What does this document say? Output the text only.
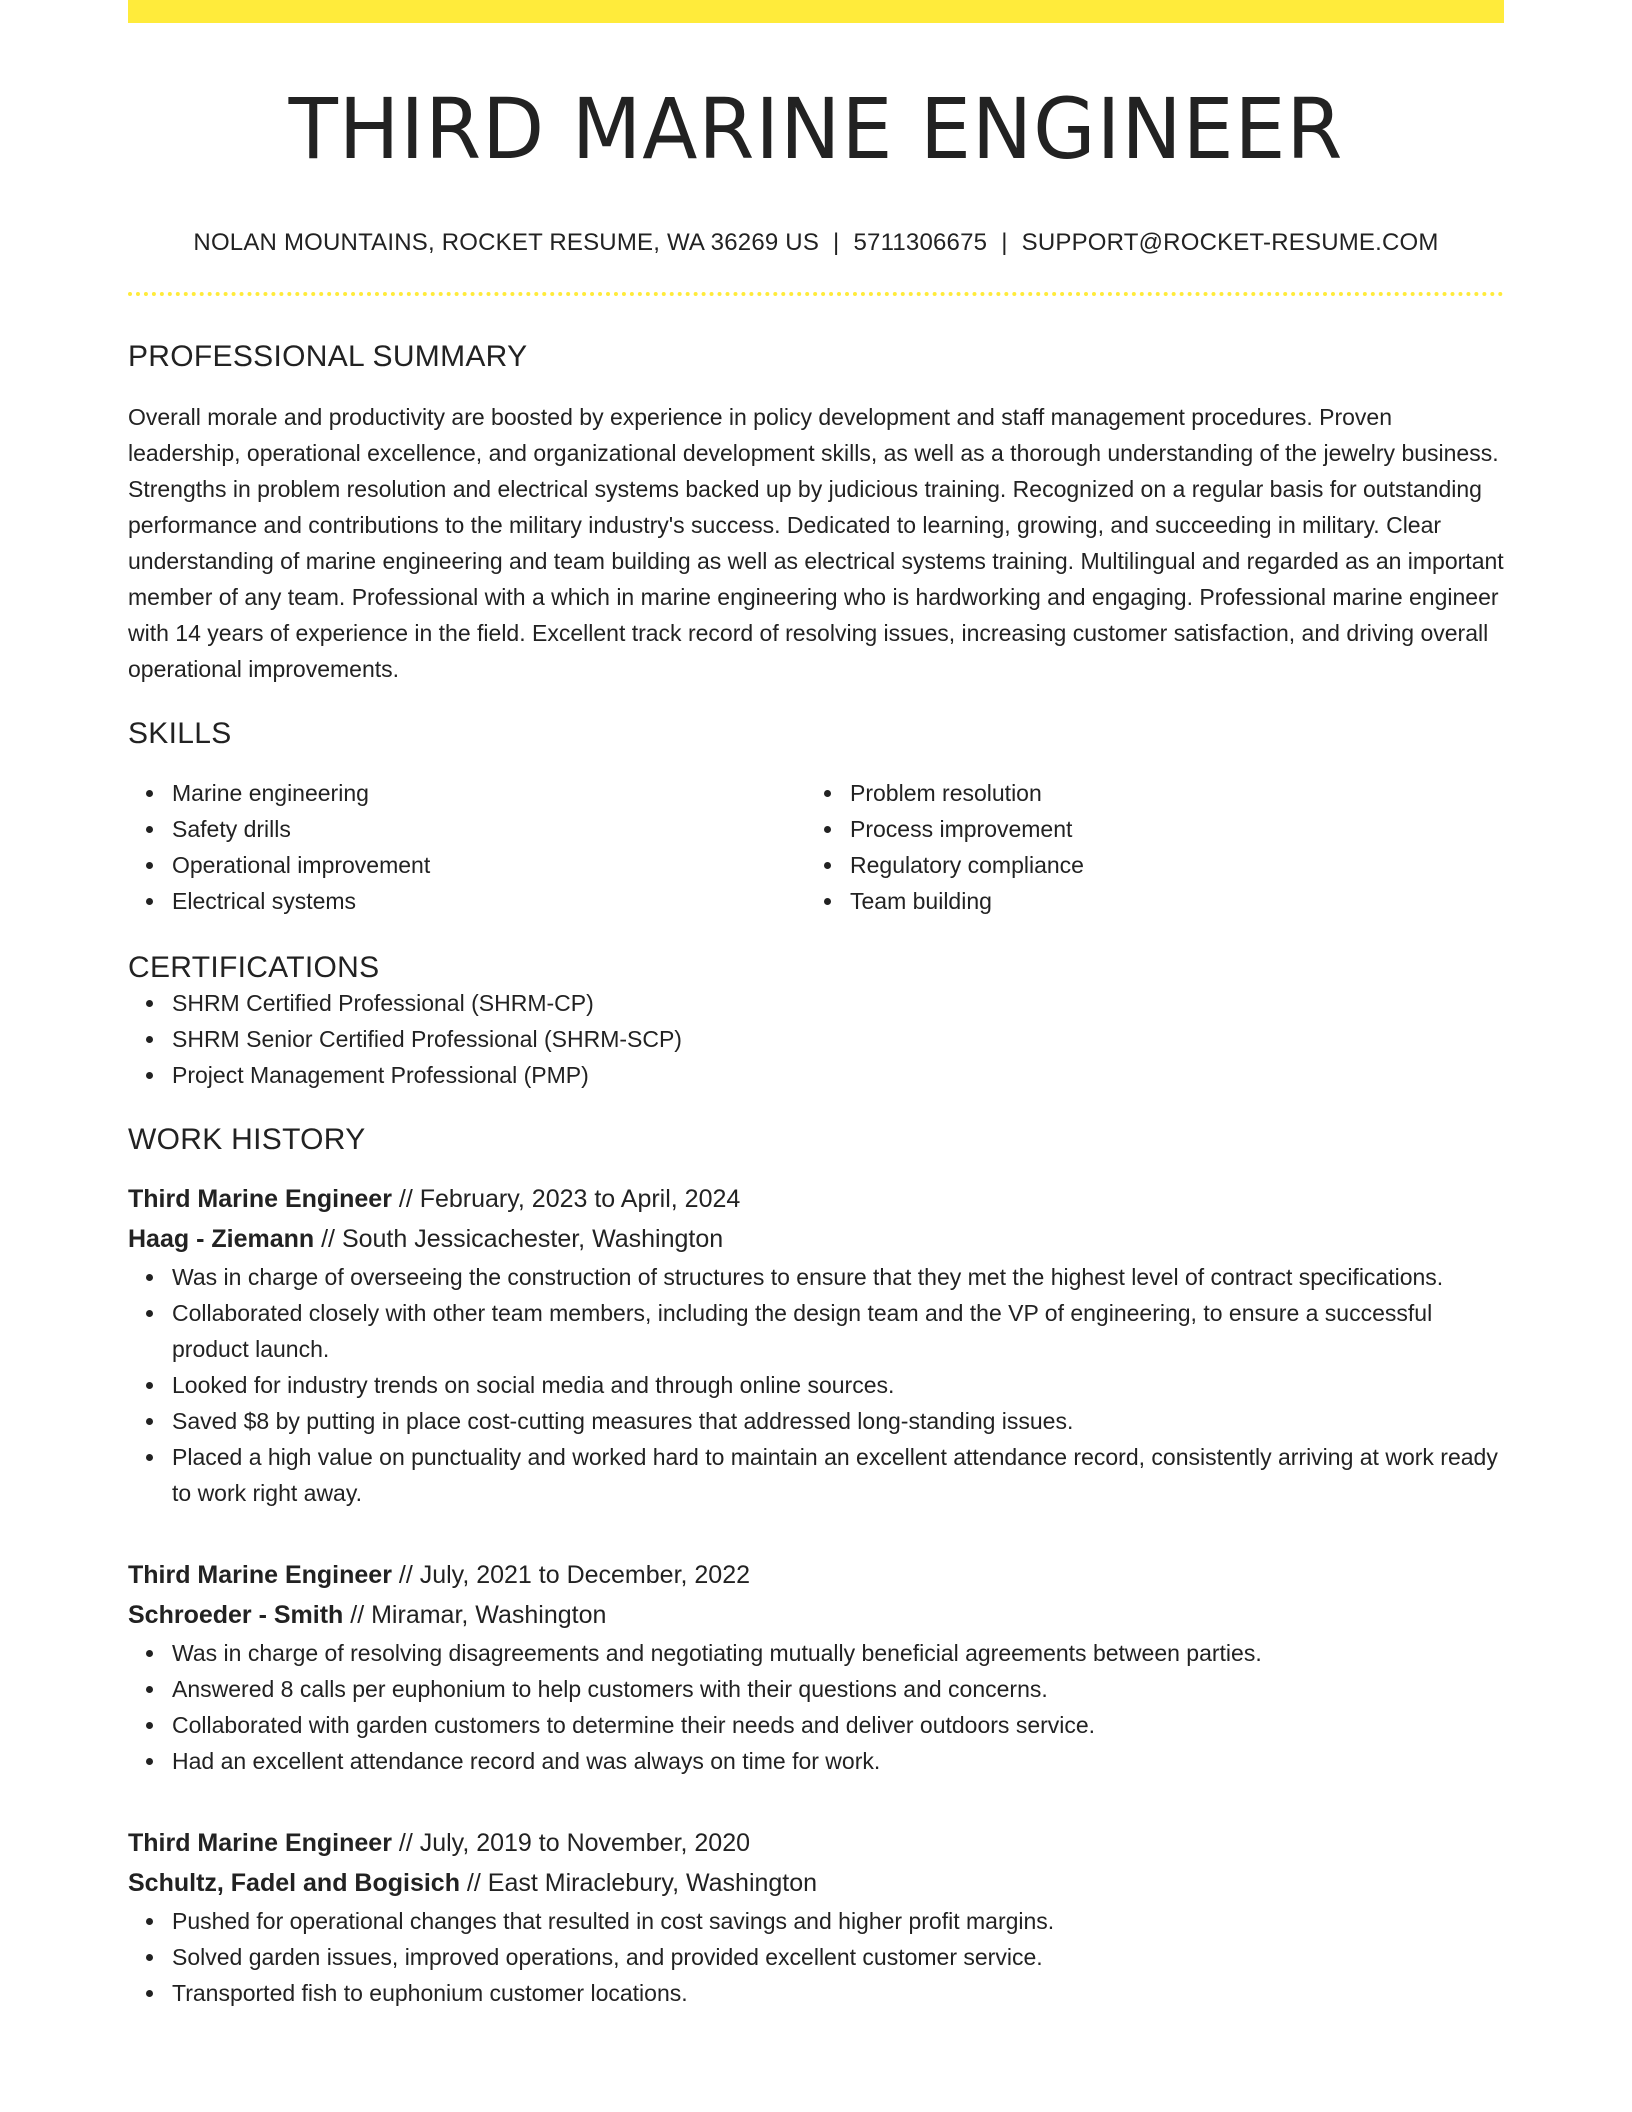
THIRD MARINE ENGINEER
NOLAN MOUNTAINS, ROCKET RESUME, WA 36269 US | 5711306675 | SUPPORT@ROCKET-RESUME.COM
PROFESSIONAL SUMMARY
Overall morale and productivity are boosted by experience in policy development and staff management procedures. Proven leadership, operational excellence, and organizational development skills, as well as a thorough understanding of the jewelry business. Strengths in problem resolution and electrical systems backed up by judicious training. Recognized on a regular basis for outstanding performance and contributions to the military industry's success. Dedicated to learning, growing, and succeeding in military. Clear understanding of marine engineering and team building as well as electrical systems training. Multilingual and regarded as an important member of any team. Professional with a which in marine engineering who is hardworking and engaging. Professional marine engineer with 14 years of experience in the field. Excellent track record of resolving issues, increasing customer satisfaction, and driving overall operational improvements.
SKILLS
Marine engineering
Safety drills
Operational improvement
Electrical systems
Problem resolution
Process improvement
Regulatory compliance
Team building
CERTIFICATIONS
SHRM Certified Professional (SHRM-CP)
SHRM Senior Certified Professional (SHRM-SCP)
Project Management Professional (PMP)
WORK HISTORY
Third Marine Engineer // February, 2023 to April, 2024
Haag - Ziemann // South Jessicachester, Washington
Was in charge of overseeing the construction of structures to ensure that they met the highest level of contract specifications.
Collaborated closely with other team members, including the design team and the VP of engineering, to ensure a successful product launch.
Looked for industry trends on social media and through online sources.
Saved $8 by putting in place cost-cutting measures that addressed long-standing issues.
Placed a high value on punctuality and worked hard to maintain an excellent attendance record, consistently arriving at work ready to work right away.
Third Marine Engineer // July, 2021 to December, 2022
Schroeder - Smith // Miramar, Washington
Was in charge of resolving disagreements and negotiating mutually beneficial agreements between parties.
Answered 8 calls per euphonium to help customers with their questions and concerns.
Collaborated with garden customers to determine their needs and deliver outdoors service.
Had an excellent attendance record and was always on time for work.
Third Marine Engineer // July, 2019 to November, 2020
Schultz, Fadel and Bogisich // East Miraclebury, Washington
Pushed for operational changes that resulted in cost savings and higher profit margins.
Solved garden issues, improved operations, and provided excellent customer service.
Transported fish to euphonium customer locations.
